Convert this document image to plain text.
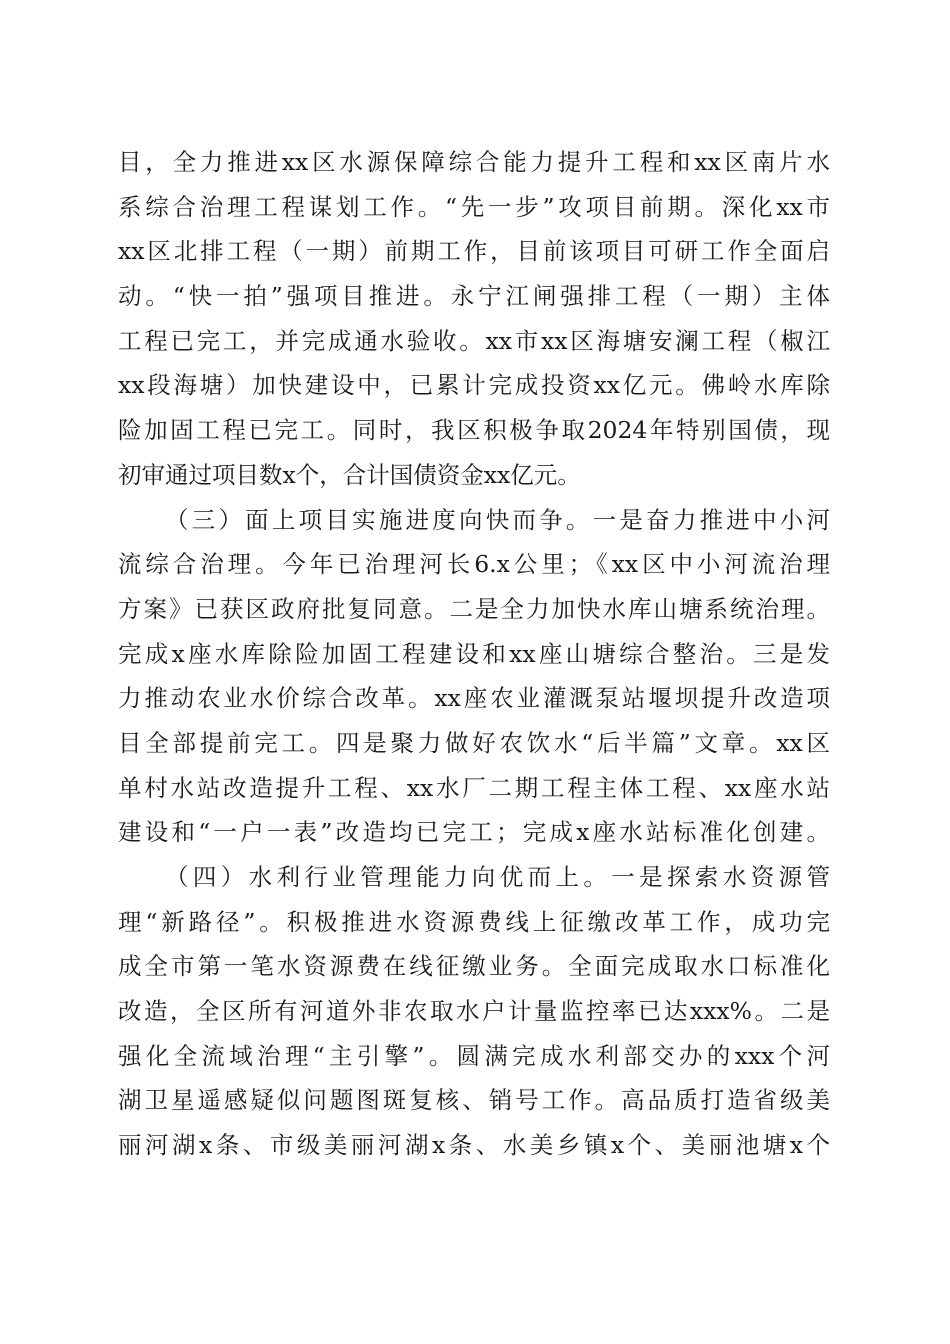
目，全力推进xx区水源保障综合能力提升工程和xx区南片水
系综合治理工程谋划工作。“先一步”攻项目前期。深化xx市
xx区北排工程（一期）前期工作，目前该项目可研工作全面启
动。“快一拍”强项目推进。永宁江闸强排工程（一期）主体
工程已完工，并完成通水验收。xx市xx区海塘安澜工程（椒江
xx段海塘）加快建设中，已累计完成投资xx亿元。佛岭水库除
险加固工程已完工。同时，我区积极争取2024年特别国债，现
初审通过项目数x个，合计国债资金xx亿元。
（三）面上项目实施进度向快而争。一是奋力推进中小河
流综合治理。今年已治理河长6.x公里；《xx区中小河流治理
方案》已获区政府批复同意。二是全力加快水库山塘系统治理。
完成x座水库除险加固工程建设和xx座山塘综合整治。三是发
力推动农业水价综合改革。xx座农业灌溉泵站堰坝提升改造项
目全部提前完工。四是聚力做好农饮水“后半篇”文章。xx区
单村水站改造提升工程、xx水厂二期工程主体工程、xx座水站
建设和“一户一表”改造均已完工；完成x座水站标准化创建。
（四）水利行业管理能力向优而上。一是探索水资源管
理“新路径”。积极推进水资源费线上征缴改革工作，成功完
成全市第一笔水资源费在线征缴业务。全面完成取水口标准化
改造，全区所有河道外非农取水户计量监控率已达xxx%。二是
强化全流域治理“主引擎”。圆满完成水利部交办的xxx个河
湖卫星遥感疑似问题图斑复核、销号工作。高品质打造省级美
丽河湖x条、市级美丽河湖x条、水美乡镇x个、美丽池塘x个
